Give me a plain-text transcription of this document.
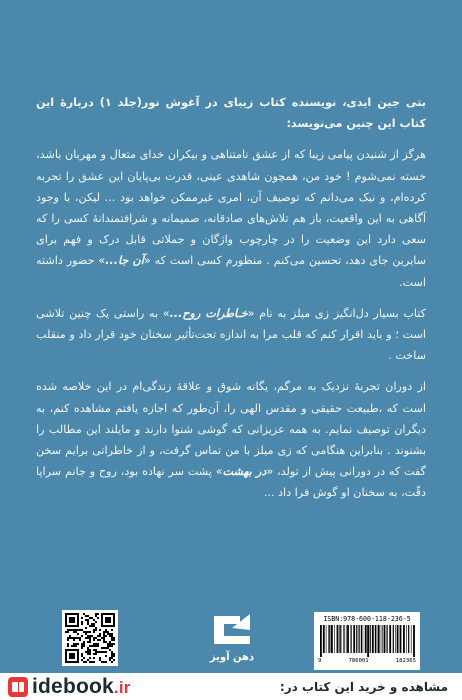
بتی جین ایدی، نویسنده کتاب زیبای در آغوش نور(جلد ۱) دربارهٔ این کتاب این چنین می‌نویسد:

هرگز از شنیدن پیامی زیبا که از عشق نامتناهی و بیکران خدای متعال و مهربان باشد، خسته نمی‌شوم ! خود من، همچون شاهدی عینی، قدرت بی‌پایان این عشق را تجربه کرده‌ام، و نیک می‌دانم که توصیف آن، امری غیرممکن خواهد بود ... لیکن، با وجود آگاهی به این واقعیت، باز هم تلاش‌های صادقانه، صمیمانه و شرافتمندانهٔ کسی را که سعی دارد این وضعیت را در چارچوب واژگان و جملاتی قابل درک و فهم برای سایرین جای دهد، تحسین می‌کنم . منظورم کسی است که «آن جا...» حضور داشته است.

کتاب بسیار دل‌انگیز زی میلز به نام «خـاطرات روح...» به راستی یک چنین تلاشی است ؛ و باید اقرار کنم که قلب مرا به اندازه تحت‌تأثیر سخنان خود قرار داد و منقلب ساخت .

از دوران تجربهٔ نزدیک به مرگم، یگانه شوق و علاقهٔ زندگی‌ام در این خلاصه شده است که ،طبیعت حقیقی و مقدس الهی را، آن‌طور که اجازه یافتم مشاهده کنم، به دیگران توصیف نمایم. به همه عزیزانی که گوشی شنوا دارند و مایلند این مطالب را بشنوند . بنابراین هنگامی که زی میلز با من تماس گرفت، و از خاطراتی برایم سخن گفت که در دورانی پیش از تولد، «در بهشت» پشت سر نهاده بود، روح و جانم سراپا دقّت، به سخنان او گوش فرا داد ...

ذهن آویز
ISBN:978-600-118-236-5
9	786001	182365
idebook.ir	مشاهده و خرید این کتاب در:
